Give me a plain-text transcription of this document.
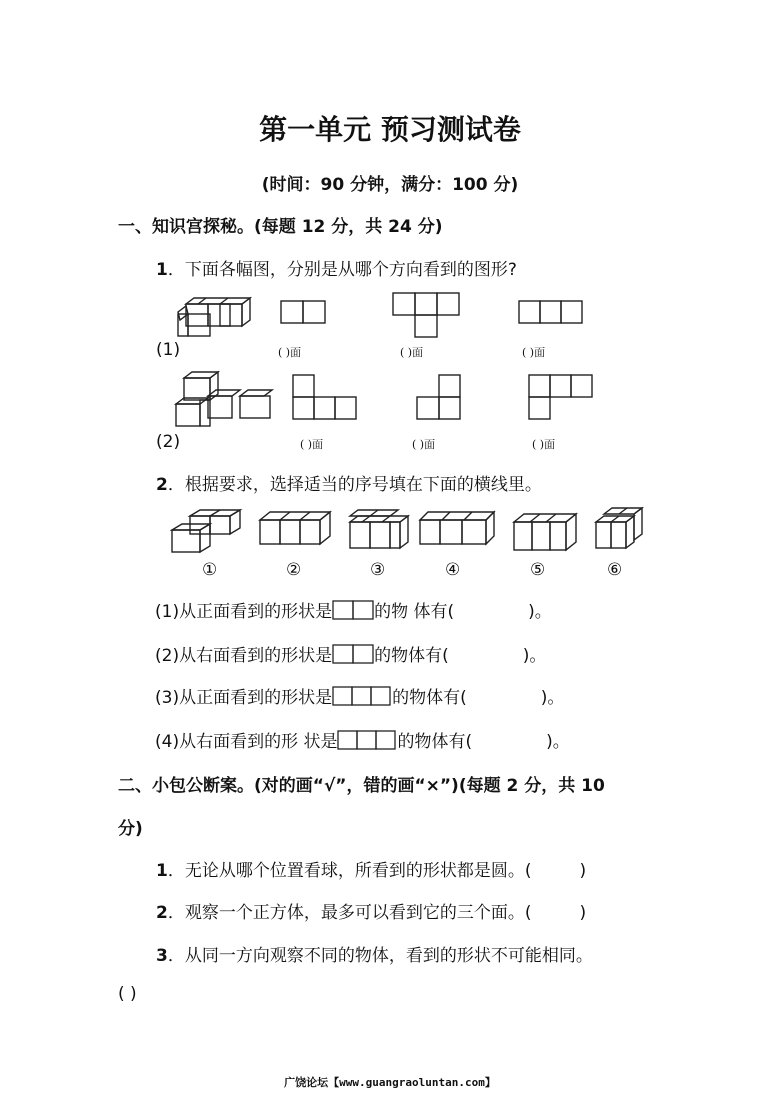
第一单元 预习测试卷
(时间：90 分钟，满分：100 分)
一、知识宫探秘。(每题 12 分，共 24 分)
1．下面各幅图，分别是从哪个方向看到的图形?
(1)	( )面	( )面	( )面
(2)	( )面	( )面	( )面
2．根据要求，选择适当的序号填在下面的横线里。
①	②	③	④	⑤	⑥
(1)从正面看到的形状是 的物 体有(	)。
(2)从右面看到的形状是 的物体有(	)。
(3)从正面看到的形状是	的物体有(	)。
(4)从右面看到的形 状是	的物体有(	)。
二、小包公断案。(对的画“√”，错的画“×”)(每题 2 分，共 10
分)
1．无论从哪个位置看球，所看到的形状都是圆。(	)
2．观察一个正方体，最多可以看到它的三个面。(	)
3．从同一方向观察不同的物体，看到的形状不可能相同。
( )
广饶论坛【www.guangraoluntan.com】
